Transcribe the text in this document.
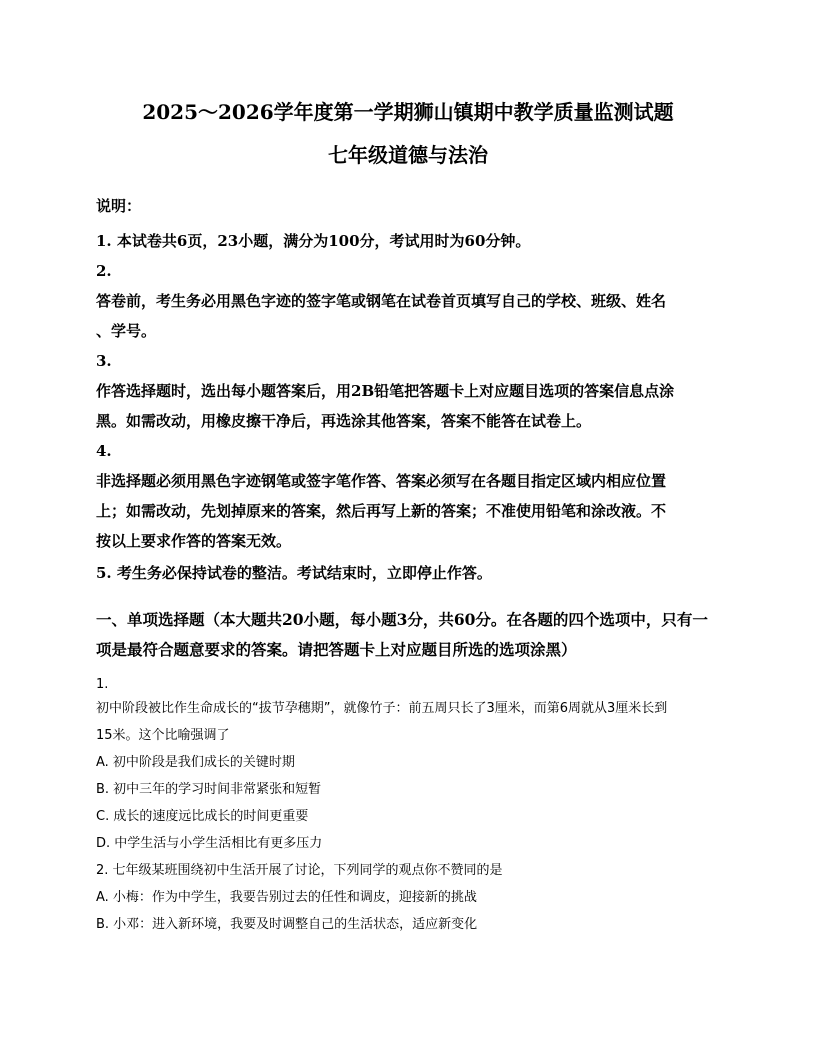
2025～2026学年度第一学期狮山镇期中教学质量监测试题
七年级道德与法治
说明：
1. 本试卷共6页，23小题，满分为100分，考试用时为60分钟。
2.
答卷前，考生务必用黑色字迹的签字笔或钢笔在试卷首页填写自己的学校、班级、姓名
、学号。
3.
作答选择题时，选出每小题答案后，用2B铅笔把答题卡上对应题目选项的答案信息点涂
黑。如需改动，用橡皮擦干净后，再选涂其他答案，答案不能答在试卷上。
4.
非选择题必须用黑色字迹钢笔或签字笔作答、答案必须写在各题目指定区域内相应位置
上；如需改动，先划掉原来的答案，然后再写上新的答案；不准使用铅笔和涂改液。不
按以上要求作答的答案无效。
5. 考生务必保持试卷的整洁。考试结束时，立即停止作答。
一、单项选择题（本大题共20小题，每小题3分，共60分。在各题的四个选项中，只有一
项是最符合题意要求的答案。请把答题卡上对应题目所选的选项涂黑）
1.
初中阶段被比作生命成长的“拔节孕穗期”，就像竹子：前五周只长了3厘米，而第6周就从3厘米长到
15米。这个比喻强调了
A. 初中阶段是我们成长的关键时期
B. 初中三年的学习时间非常紧张和短暂
C. 成长的速度远比成长的时间更重要
D. 中学生活与小学生活相比有更多压力
2. 七年级某班围绕初中生活开展了讨论，下列同学的观点你不赞同的是
A. 小梅：作为中学生，我要告别过去的任性和调皮，迎接新的挑战
B. 小邓：进入新环境，我要及时调整自己的生活状态，适应新变化
